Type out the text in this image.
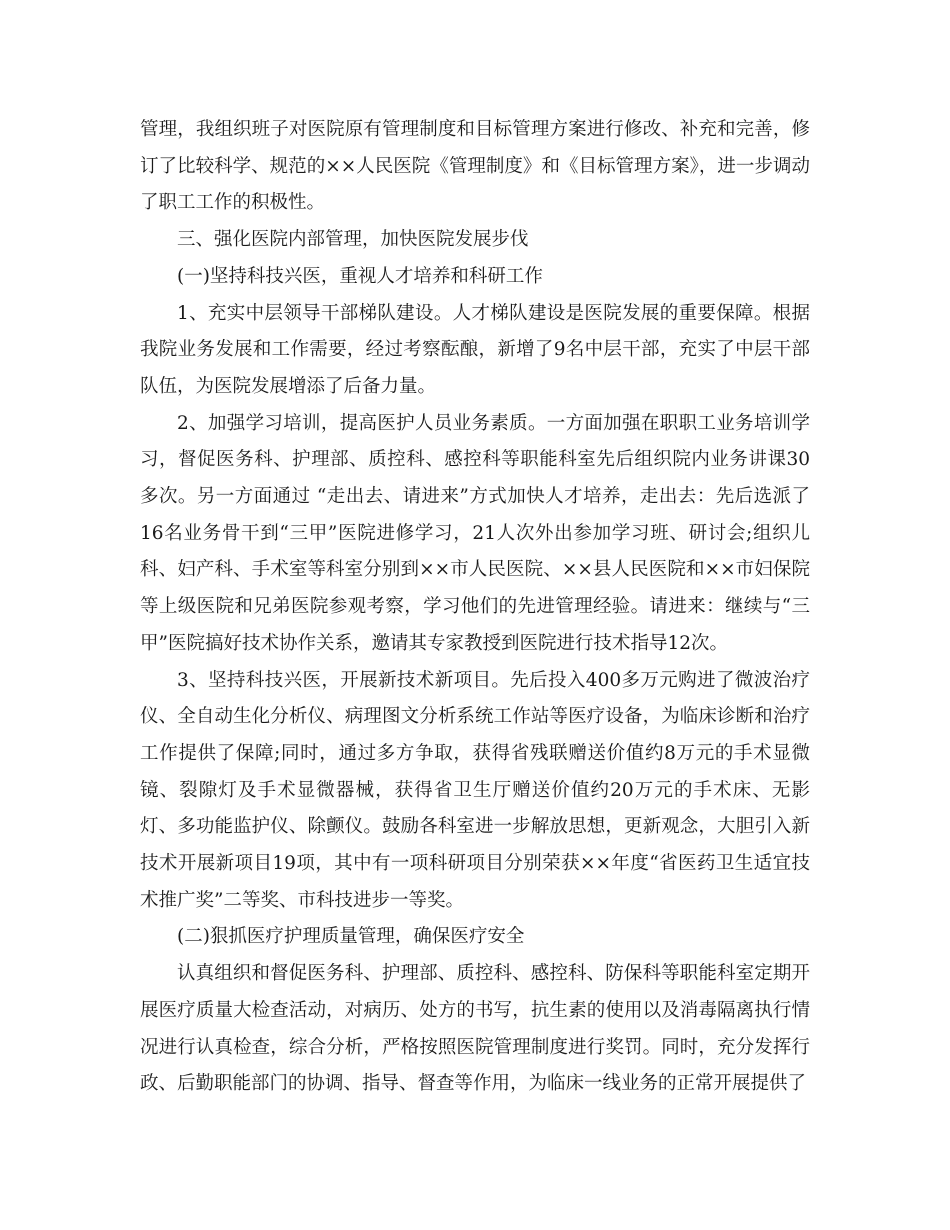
管理，我组织班子对医院原有管理制度和目标管理方案进行修改、补充和完善，修订了比较科学、规范的××人民医院《管理制度》和《目标管理方案》，进一步调动了职工工作的积极性。

三、强化医院内部管理，加快医院发展步伐

(一)坚持科技兴医，重视人才培养和科研工作

1、充实中层领导干部梯队建设。人才梯队建设是医院发展的重要保障。根据我院业务发展和工作需要，经过考察酝酿，新增了9名中层干部，充实了中层干部队伍，为医院发展增添了后备力量。

2、加强学习培训，提高医护人员业务素质。一方面加强在职职工业务培训学习，督促医务科、护理部、质控科、感控科等职能科室先后组织院内业务讲课30多次。另一方面通过 “走出去、请进来”方式加快人才培养，走出去：先后选派了16名业务骨干到“三甲”医院进修学习，21人次外出参加学习班、研讨会;组织儿科、妇产科、手术室等科室分别到××市人民医院、××县人民医院和××市妇保院等上级医院和兄弟医院参观考察，学习他们的先进管理经验。请进来：继续与“三甲”医院搞好技术协作关系，邀请其专家教授到医院进行技术指导12次。

3、坚持科技兴医，开展新技术新项目。先后投入400多万元购进了微波治疗仪、全自动生化分析仪、病理图文分析系统工作站等医疗设备，为临床诊断和治疗工作提供了保障;同时，通过多方争取，获得省残联赠送价值约8万元的手术显微镜、裂隙灯及手术显微器械，获得省卫生厅赠送价值约20万元的手术床、无影灯、多功能监护仪、除颤仪。鼓励各科室进一步解放思想，更新观念，大胆引入新技术开展新项目19项，其中有一项科研项目分别荣获××年度“省医药卫生适宜技术推广奖”二等奖、市科技进步一等奖。

(二)狠抓医疗护理质量管理，确保医疗安全

认真组织和督促医务科、护理部、质控科、感控科、防保科等职能科室定期开展医疗质量大检查活动，对病历、处方的书写，抗生素的使用以及消毒隔离执行情况进行认真检查，综合分析，严格按照医院管理制度进行奖罚。同时，充分发挥行政、后勤职能部门的协调、指导、督查等作用，为临床一线业务的正常开展提供了
